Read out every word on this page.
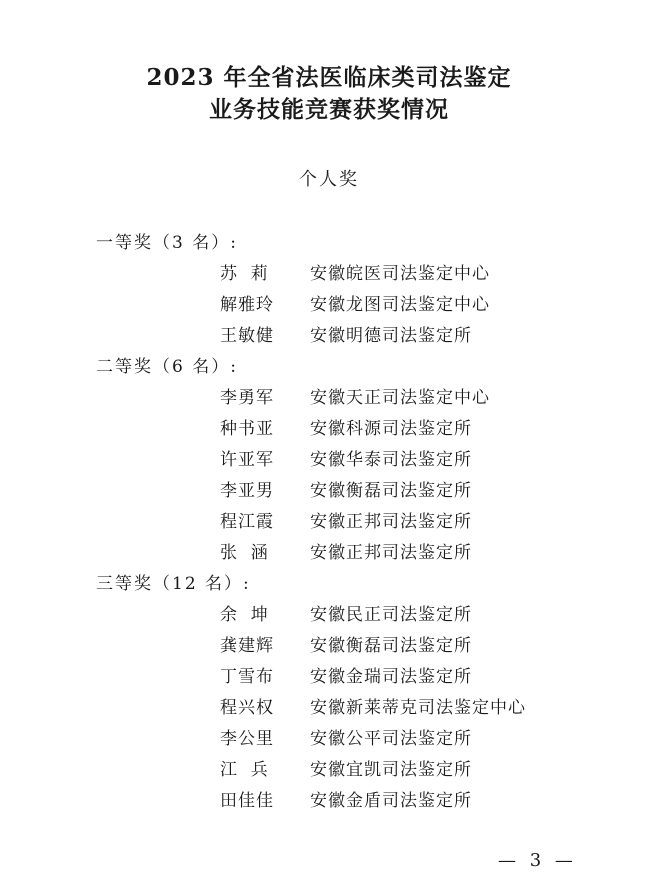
2023 年全省法医临床类司法鉴定
业务技能竞赛获奖情况
个人奖
一等奖（3 名）:
苏  莉	安徽皖医司法鉴定中心
解雅玲	安徽龙图司法鉴定中心
王敏健	安徽明德司法鉴定所
二等奖（6 名）:
李勇军	安徽天正司法鉴定中心
种书亚	安徽科源司法鉴定所
许亚军	安徽华泰司法鉴定所
李亚男	安徽衡磊司法鉴定所
程江霞	安徽正邦司法鉴定所
张  涵	安徽正邦司法鉴定所
三等奖（12 名）:
余  坤	安徽民正司法鉴定所
龚建辉	安徽衡磊司法鉴定所
丁雪布	安徽金瑞司法鉴定所
程兴权	安徽新莱蒂克司法鉴定中心
李公里	安徽公平司法鉴定所
江  兵	安徽宜凯司法鉴定所
田佳佳	安徽金盾司法鉴定所
— 3 —
